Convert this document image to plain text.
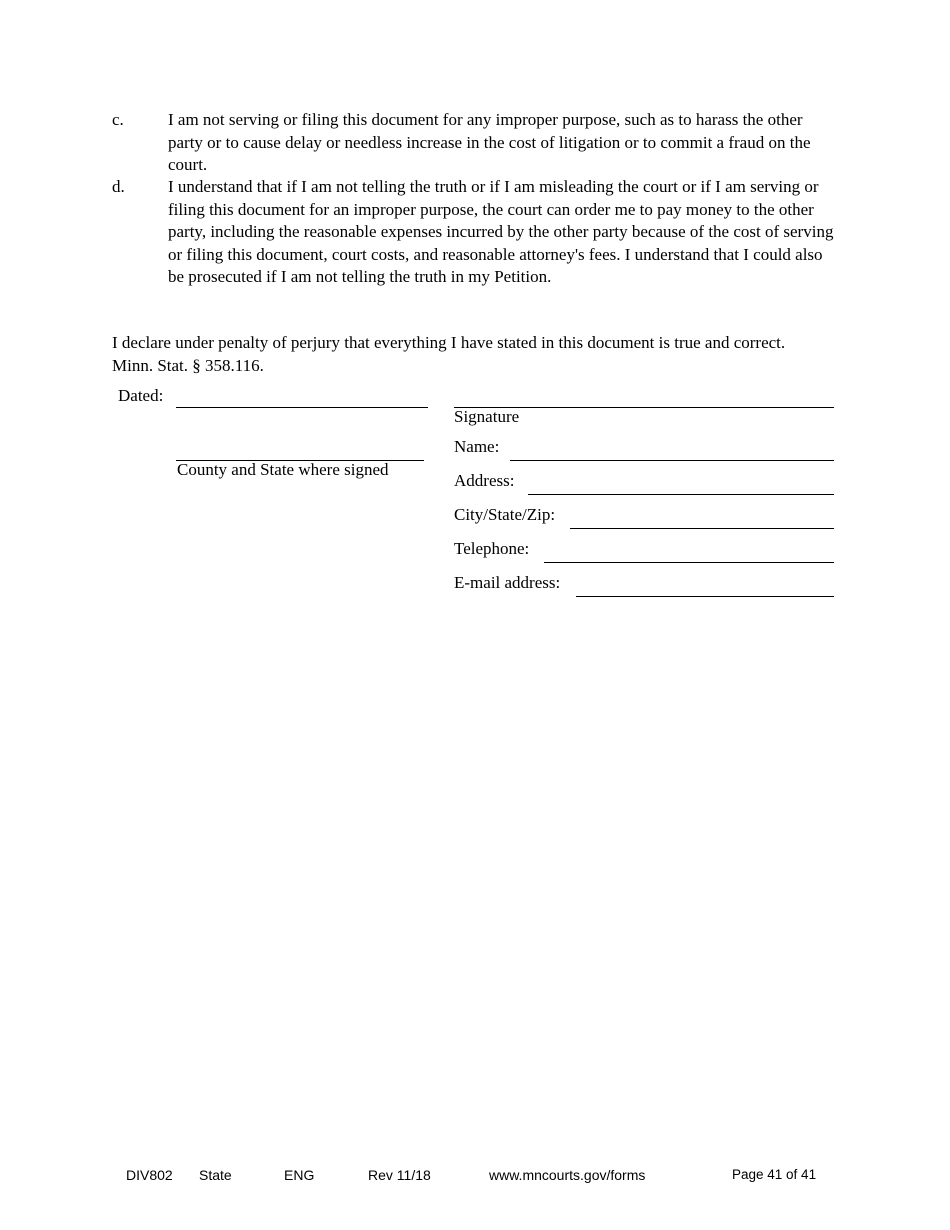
c.	I am not serving or filing this document for any improper purpose, such as to harass the other party or to cause delay or needless increase in the cost of litigation or to commit a fraud on the court.
d.	I understand that if I am not telling the truth or if I am misleading the court or if I am serving or filing this document for an improper purpose, the court can order me to pay money to the other party, including the reasonable expenses incurred by the other party because of the cost of serving or filing this document, court costs, and reasonable attorney's fees. I understand that I could also be prosecuted if I am not telling the truth in my Petition.
I declare under penalty of perjury that everything I have stated in this document is true and correct. Minn. Stat. § 358.116.
Dated:
County and State where signed
Signature
Name:
Address:
City/State/Zip:
Telephone:
E-mail address:
DIV802 State	ENG	Rev 11/18	www.mncourts.gov/forms	Page 41 of 41
